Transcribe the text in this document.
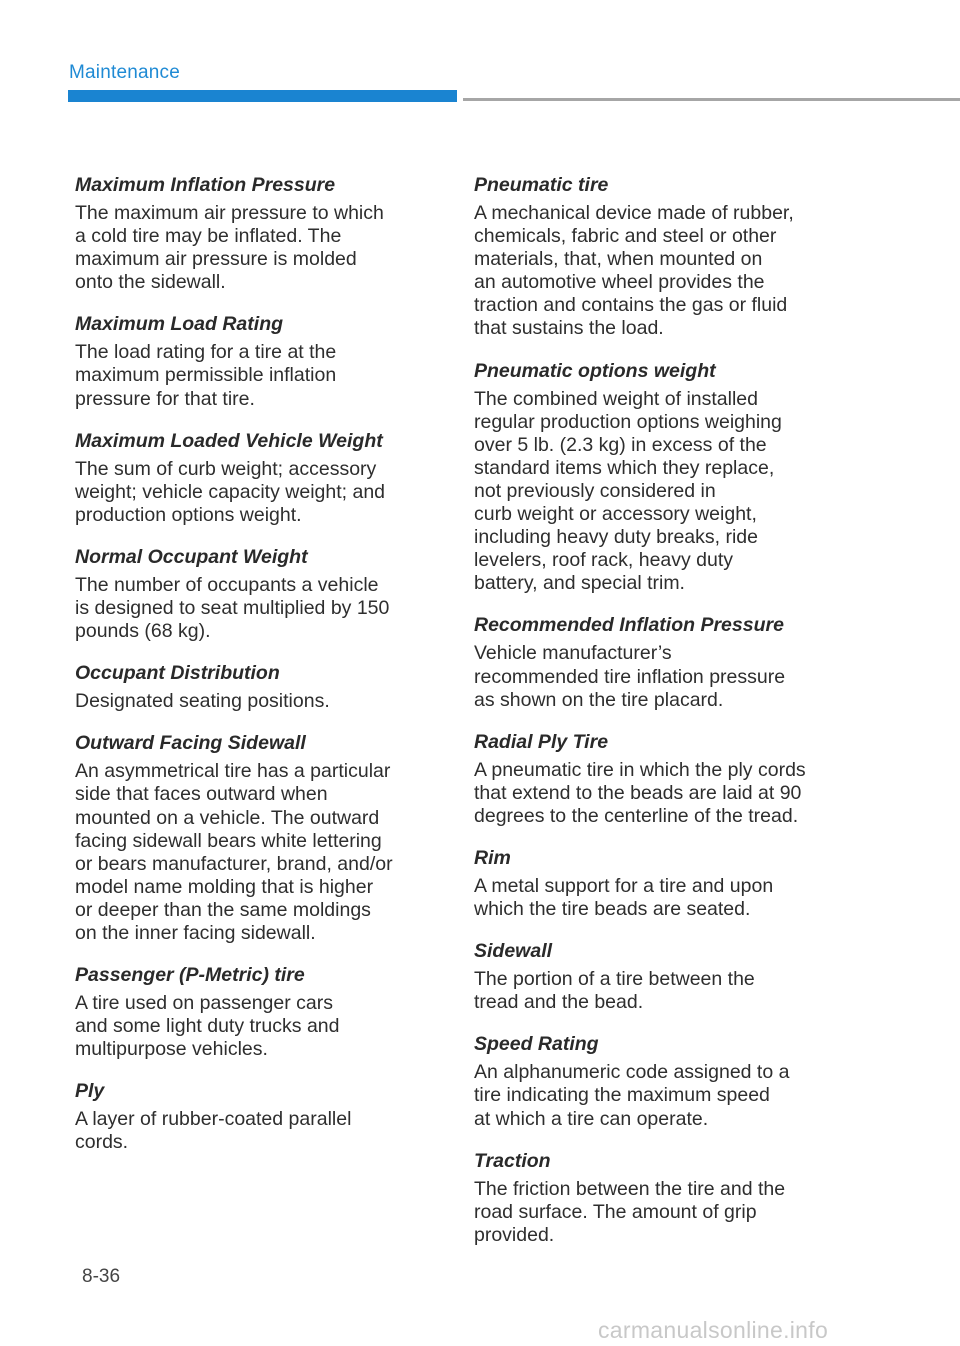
Maintenance
Maximum Inflation Pressure
The maximum air pressure to which
a cold tire may be inflated. The
maximum air pressure is molded
onto the sidewall.
Maximum Load Rating
The load rating for a tire at the
maximum permissible inflation
pressure for that tire.
Maximum Loaded Vehicle Weight
The sum of curb weight; accessory
weight; vehicle capacity weight; and
production options weight.
Normal Occupant Weight
The number of occupants a vehicle
is designed to seat multiplied by 150
pounds (68 kg).
Occupant Distribution
Designated seating positions.
Outward Facing Sidewall
An asymmetrical tire has a particular
side that faces outward when
mounted on a vehicle. The outward
facing sidewall bears white lettering
or bears manufacturer, brand, and/or
model name molding that is higher
or deeper than the same moldings
on the inner facing sidewall.
Passenger (P-Metric) tire
A tire used on passenger cars
and some light duty trucks and
multipurpose vehicles.
Ply
A layer of rubber-coated parallel
cords.
Pneumatic tire
A mechanical device made of rubber,
chemicals, fabric and steel or other
materials, that, when mounted on
an automotive wheel provides the
traction and contains the gas or fluid
that sustains the load.
Pneumatic options weight
The combined weight of installed
regular production options weighing
over 5 lb. (2.3 kg) in excess of the
standard items which they replace,
not previously considered in
curb weight or accessory weight,
including heavy duty breaks, ride
levelers, roof rack, heavy duty
battery, and special trim.
Recommended Inflation Pressure
Vehicle manufacturer’s
recommended tire inflation pressure
as shown on the tire placard.
Radial Ply Tire
A pneumatic tire in which the ply cords
that extend to the beads are laid at 90
degrees to the centerline of the tread.
Rim
A metal support for a tire and upon
which the tire beads are seated.
Sidewall
The portion of a tire between the
tread and the bead.
Speed Rating
An alphanumeric code assigned to a
tire indicating the maximum speed
at which a tire can operate.
Traction
The friction between the tire and the
road surface. The amount of grip
provided.
8-36
carmanualsonline.info
